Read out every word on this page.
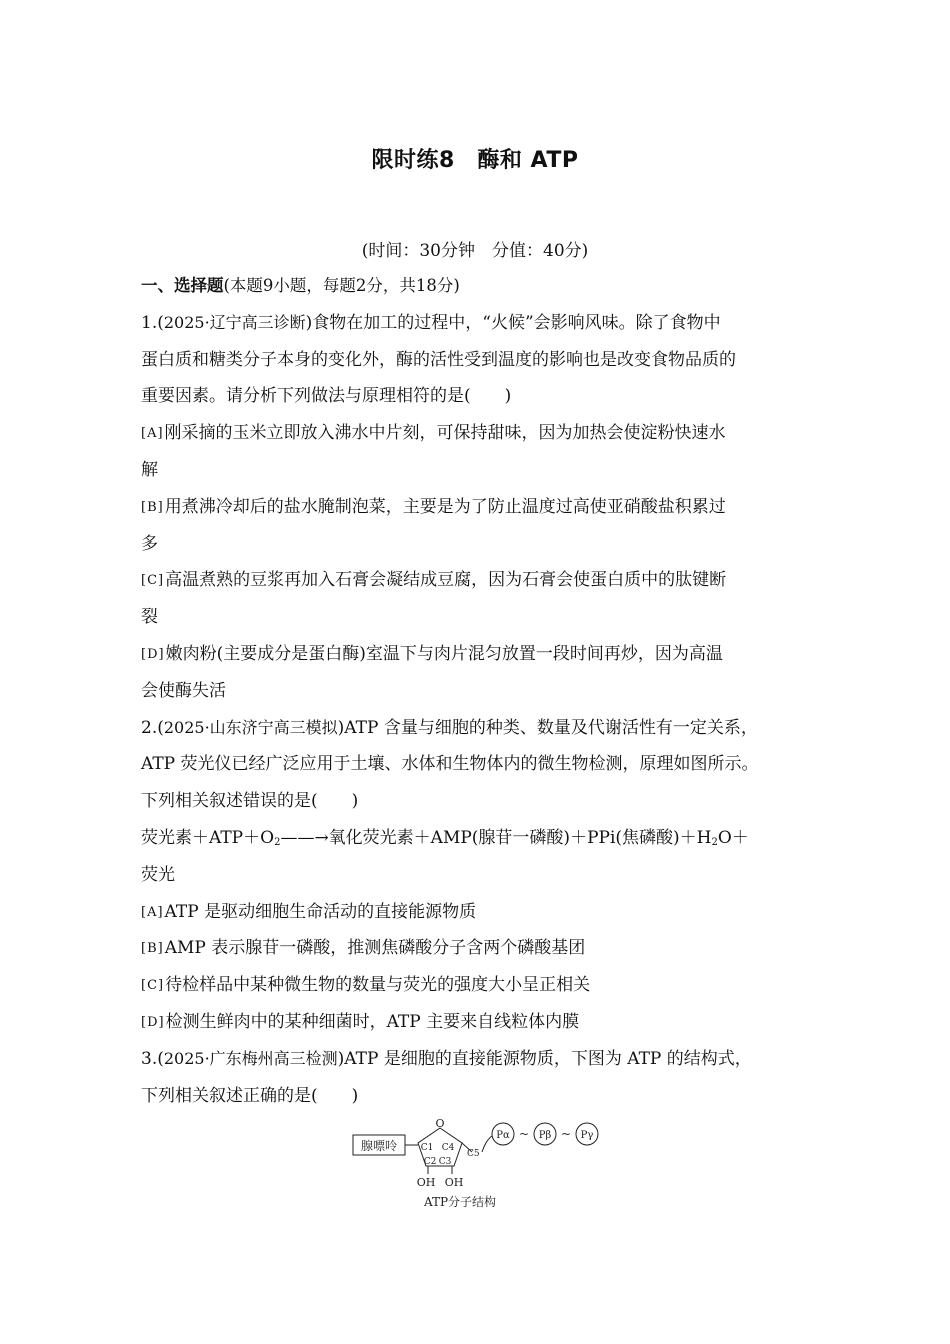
限时练8　酶和 ATP
(时间：30分钟　分值：40分)
一、选择题(本题9小题，每题2分，共18分)
1.(2025·辽宁高三诊断)食物在加工的过程中，“火候”会影响风味。除了食物中
蛋白质和糖类分子本身的变化外，酶的活性受到温度的影响也是改变食物品质的
重要因素。请分析下列做法与原理相符的是(　　)
[A]刚采摘的玉米立即放入沸水中片刻，可保持甜味，因为加热会使淀粉快速水
解
[B]用煮沸冷却后的盐水腌制泡菜，主要是为了防止温度过高使亚硝酸盐积累过
多
[C]高温煮熟的豆浆再加入石膏会凝结成豆腐，因为石膏会使蛋白质中的肽键断
裂
[D]嫩肉粉(主要成分是蛋白酶)室温下与肉片混匀放置一段时间再炒，因为高温
会使酶失活
2.(2025·山东济宁高三模拟)ATP 含量与细胞的种类、数量及代谢活性有一定关系，
ATP 荧光仪已经广泛应用于土壤、水体和生物体内的微生物检测，原理如图所示。
下列相关叙述错误的是(　　)
荧光素$+ATP+O_2——\to$氧化荧光素＋AMP(腺苷一磷酸)＋PPi(焦磷酸)$+H_2O+$
荧光
[A]ATP 是驱动细胞生命活动的直接能源物质
[B]AMP 表示腺苷一磷酸，推测焦磷酸分子含两个磷酸基团
[C]待检样品中某种微生物的数量与荧光的强度大小呈正相关
[D]检测生鲜肉中的某种细菌时，ATP 主要来自线粒体内膜
3.(2025·广东梅州高三检测)ATP 是细胞的直接能源物质，下图为 ATP 的结构式，
下列相关叙述正确的是(　　)
腺嘌呤
O
C1 C4
C2 C3
C5
OH OH
Pα ~ Pβ ~ Pγ
ATP分子结构
